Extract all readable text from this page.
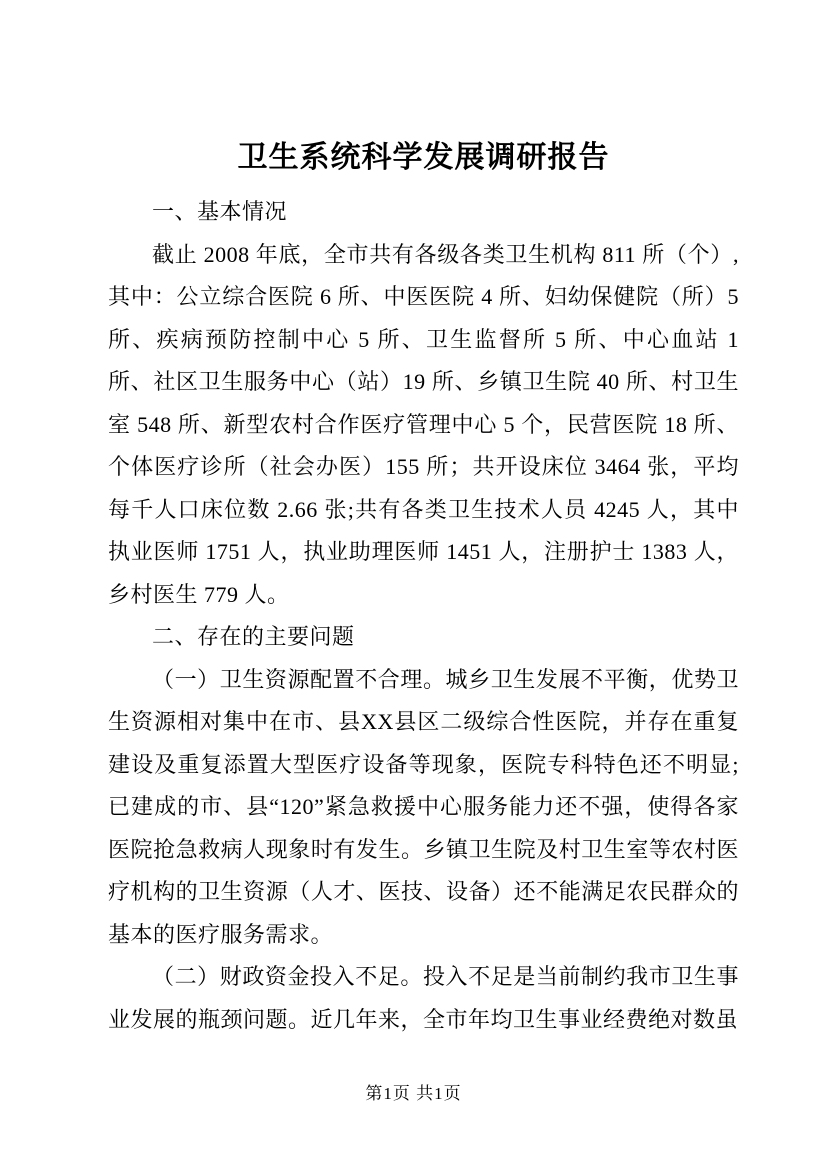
卫生系统科学发展调研报告

一、基本情况

截止 2008 年底，全市共有各级各类卫生机构 811 所（个）,其中：公立综合医院 6 所、中医医院 4 所、妇幼保健院（所）5 所、疾病预防控制中心 5 所、卫生监督所 5 所、中心血站 1 所、社区卫生服务中心（站）19 所、乡镇卫生院 40 所、村卫生室 548 所、新型农村合作医疗管理中心 5 个，民营医院 18 所、个体医疗诊所（社会办医）155 所；共开设床位 3464 张，平均每千人口床位数 2.66 张;共有各类卫生技术人员 4245 人，其中执业医师 1751 人，执业助理医师 1451 人，注册护士 1383 人，乡村医生 779 人。

二、存在的主要问题

（一）卫生资源配置不合理。城乡卫生发展不平衡，优势卫生资源相对集中在市、县XX县区二级综合性医院，并存在重复建设及重复添置大型医疗设备等现象，医院专科特色还不明显;已建成的市、县“120”紧急救援中心服务能力还不强，使得各家医院抢急救病人现象时有发生。乡镇卫生院及村卫生室等农村医疗机构的卫生资源（人才、医技、设备）还不能满足农民群众的基本的医疗服务需求。

（二）财政资金投入不足。投入不足是当前制约我市卫生事业发展的瓶颈问题。近几年来，全市年均卫生事业经费绝对数虽

第1页 共1页
